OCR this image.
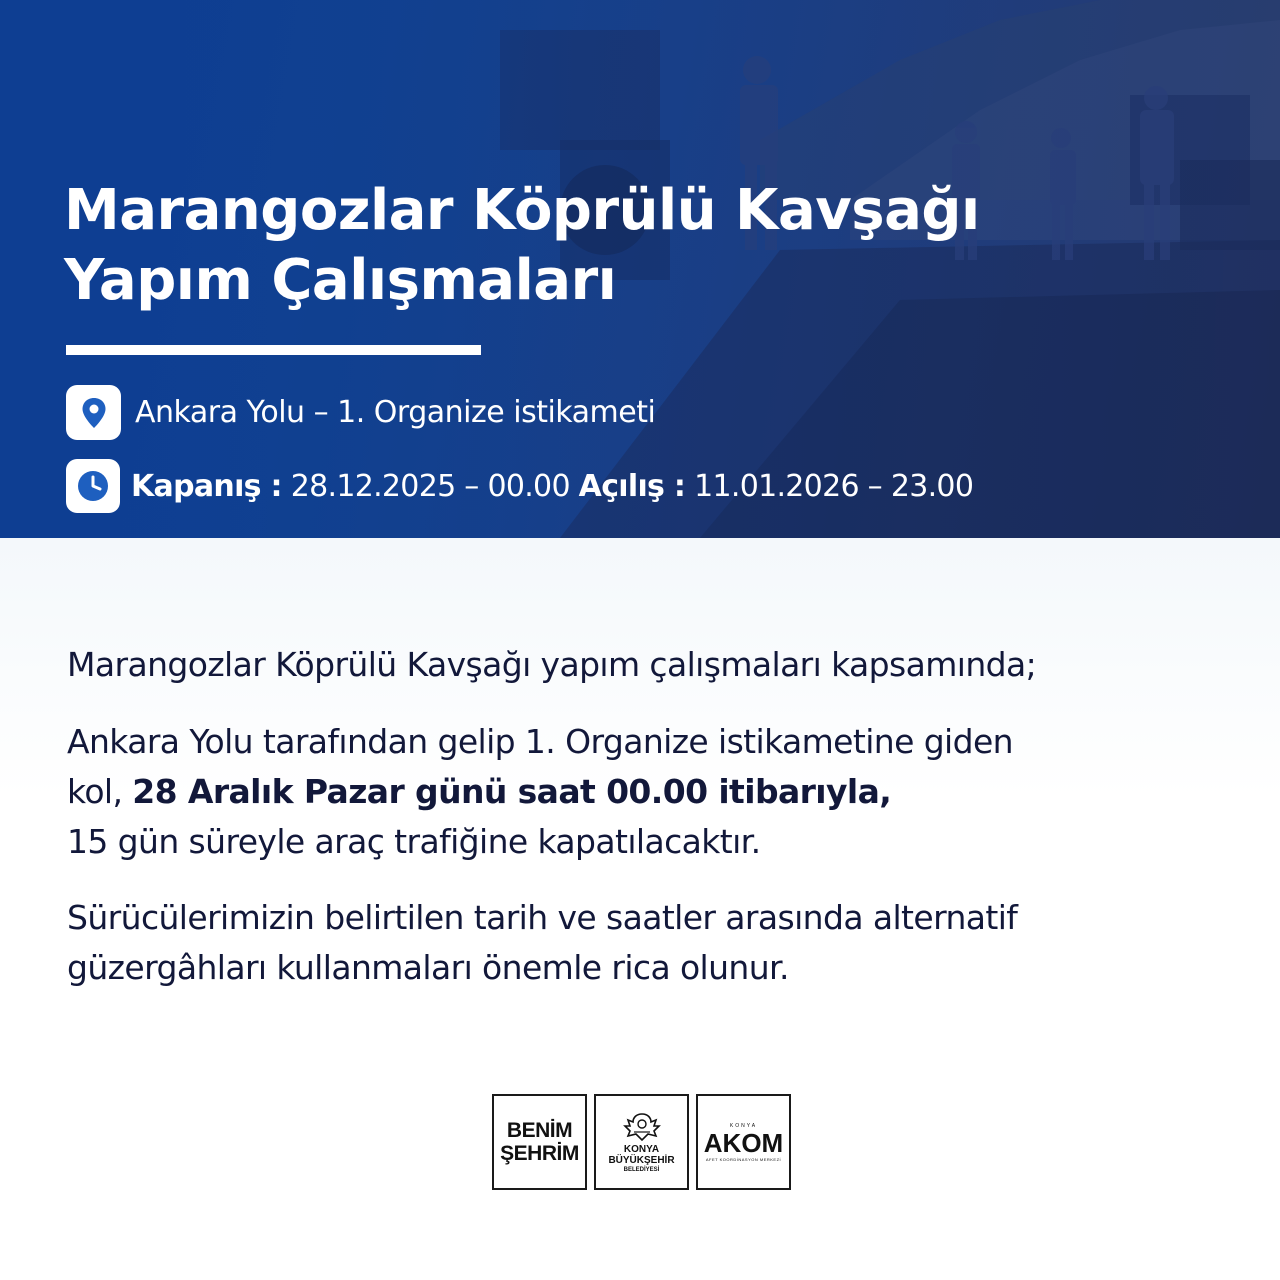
Marangozlar Köprülü Kavşağı
Yapım Çalışmaları
Ankara Yolu – 1. Organize istikameti
Kapanış : 28.12.2025 – 00.00 Açılış : 11.01.2026 – 23.00
Marangozlar Köprülü Kavşağı yapım çalışmaları kapsamında;
Ankara Yolu tarafından gelip 1. Organize istikametine giden
kol, 28 Aralık Pazar günü saat 00.00 itibarıyla,
15 gün süreyle araç trafiğine kapatılacaktır.
Sürücülerimizin belirtilen tarih ve saatler arasında alternatif
güzergâhları kullanmaları önemle rica olunur.
BENİM
ŞEHRİM	KONYA
BÜYÜKŞEHİR
BELEDİYESİ
KONYA
AKOM
AFET KOORDİNASYON MERKEZİ
